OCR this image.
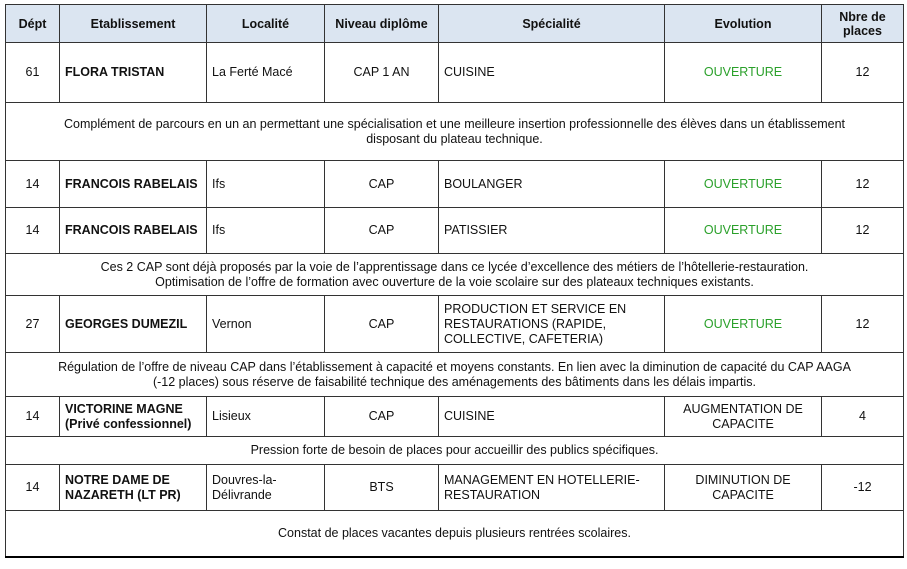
Dépt	Etablissement	Localité	Niveau diplôme	Spécialité	Evolution	Nbre de
places
61	FLORA TRISTAN	La Ferté Macé	CAP 1 AN	CUISINE	OUVERTURE	12
Complément de parcours en un an permettant une spécialisation et une meilleure insertion professionnelle des élèves dans un établissement
disposant du plateau technique.						
14	FRANCOIS RABELAIS	Ifs	CAP	BOULANGER	OUVERTURE	12
14	FRANCOIS RABELAIS	Ifs	CAP	PATISSIER	OUVERTURE	12
Ces 2 CAP sont déjà proposés par la voie de l’apprentissage dans ce lycée d’excellence des métiers de l’hôtellerie-restauration.
Optimisation de l’offre de formation avec ouverture de la voie scolaire sur des plateaux techniques existants.						
27	GEORGES DUMEZIL	Vernon	CAP	PRODUCTION ET SERVICE EN
RESTAURATIONS (RAPIDE,
COLLECTIVE, CAFETERIA)	OUVERTURE	12
Régulation de l’offre de niveau CAP dans l’établissement à capacité et moyens constants. En lien avec la diminution de capacité du CAP AAGA
(-12 places) sous réserve de faisabilité technique des aménagements des bâtiments dans les délais impartis.						
14	VICTORINE MAGNE
(Privé confessionnel)	Lisieux	CAP	CUISINE	AUGMENTATION DE
CAPACITE	4
Pression forte de besoin de places pour accueillir des publics spécifiques.						
14	NOTRE DAME DE
NAZARETH (LT PR)	Douvres-la-
Délivrande	BTS	MANAGEMENT EN HOTELLERIE-
RESTAURATION	DIMINUTION DE
CAPACITE	-12
Constat de places vacantes depuis plusieurs rentrées scolaires.						
